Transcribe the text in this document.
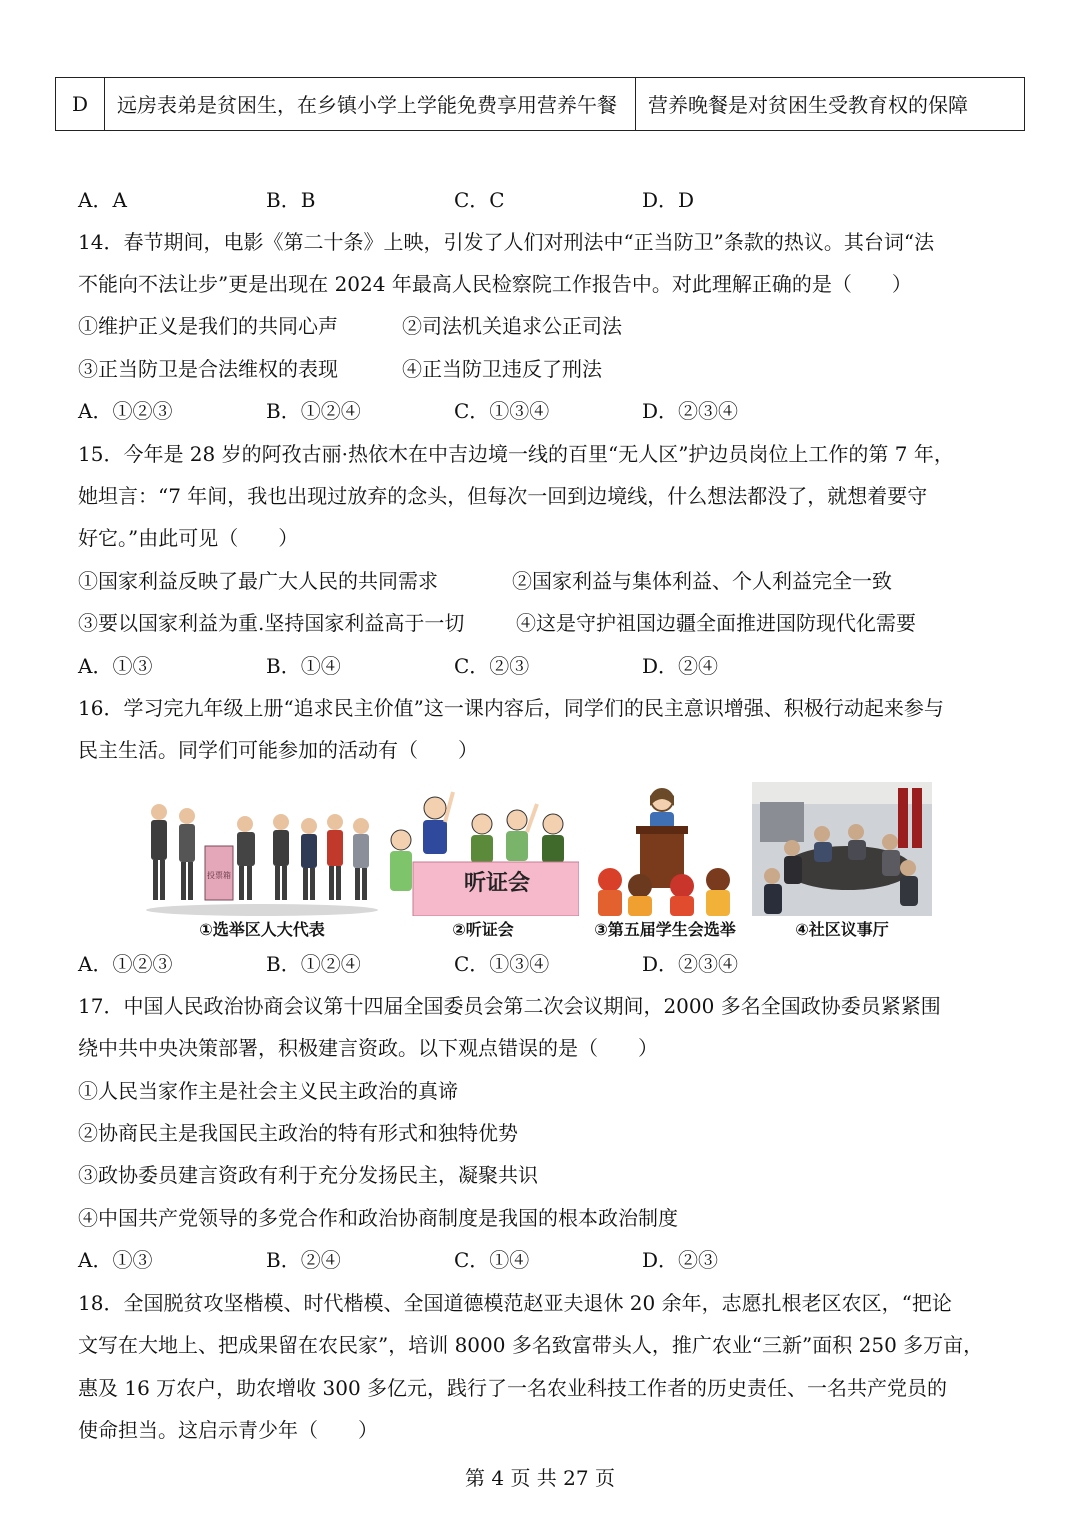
D	远房表弟是贫困生，在乡镇小学上学能免费享用营养午餐	营养晚餐是对贫困生受教育权的保障
A．A	B．B	C．C	D．D
14．春节期间，电影《第二十条》上映，引发了人们对刑法中“正当防卫”条款的热议。其台词“法
不能向不法让步”更是出现在 2024 年最高人民检察院工作报告中。对此理解正确的是（　　）
①维护正义是我们的共同心声	②司法机关追求公正司法
③正当防卫是合法维权的表现	④正当防卫违反了刑法
A．①②③	B．①②④	C．①③④	D．②③④
15．今年是 28 岁的阿孜古丽·热依木在中吉边境一线的百里“无人区”护边员岗位上工作的第 7 年，
她坦言：“7 年间，我也出现过放弃的念头，但每次一回到边境线，什么想法都没了，就想着要守
好它。”由此可见（　　）
①国家利益反映了最广大人民的共同需求	②国家利益与集体利益、个人利益完全一致
③要以国家利益为重.坚持国家利益高于一切	④这是守护祖国边疆全面推进国防现代化需要
A．①③	B．①④	C．②③	D．②④
16．学习完九年级上册“追求民主价值”这一课内容后，同学们的民主意识增强、积极行动起来参与
民主生活。同学们可能参加的活动有（　　）
投票箱
①选举区人大代表
听证会
②听证会	③第五届学生会选举	④社区议事厅
A．①②③	B．①②④	C．①③④	D．②③④
17．中国人民政治协商会议第十四届全国委员会第二次会议期间，2000 多名全国政协委员紧紧围
绕中共中央决策部署，积极建言资政。以下观点错误的是（　　）
①人民当家作主是社会主义民主政治的真谛
②协商民主是我国民主政治的特有形式和独特优势
③政协委员建言资政有利于充分发扬民主，凝聚共识
④中国共产党领导的多党合作和政治协商制度是我国的根本政治制度
A．①③	B．②④	C．①④	D．②③
18．全国脱贫攻坚楷模、时代楷模、全国道德模范赵亚夫退休 20 余年，志愿扎根老区农区，“把论
文写在大地上、把成果留在农民家”，培训 8000 多名致富带头人，推广农业“三新”面积 250 多万亩，
惠及 16 万农户，助农增收 300 多亿元，践行了一名农业科技工作者的历史责任、一名共产党员的
使命担当。这启示青少年（　　）
第 4 页 共 27 页
